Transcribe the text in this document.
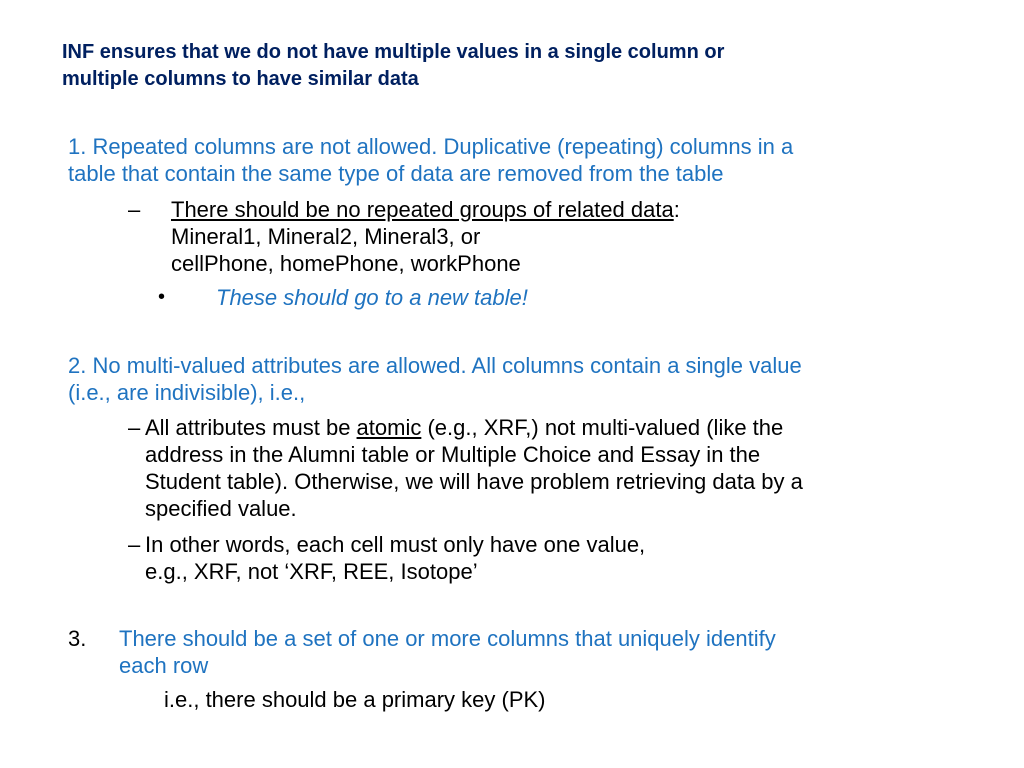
INF ensures that we do not have multiple values in a single column or
multiple columns to have similar data
1. Repeated columns are not allowed. Duplicative (repeating) columns in a
table that contain the same type of data are removed from the table
– There should be no repeated groups of related data:
Mineral1, Mineral2, Mineral3, or
cellPhone, homePhone, workPhone
• These should go to a new table!
2. No multi-valued attributes are allowed. All columns contain a single value
(i.e., are indivisible), i.e.,
– All attributes must be atomic (e.g., XRF,) not multi-valued (like the
address in the Alumni table or Multiple Choice and Essay in the
Student table). Otherwise, we will have problem retrieving data by a
specified value.
– In other words, each cell must only have one value,
e.g., XRF, not ‘XRF, REE, Isotope’
3. There should be a set of one or more columns that uniquely identify
each row
i.e., there should be a primary key (PK)
